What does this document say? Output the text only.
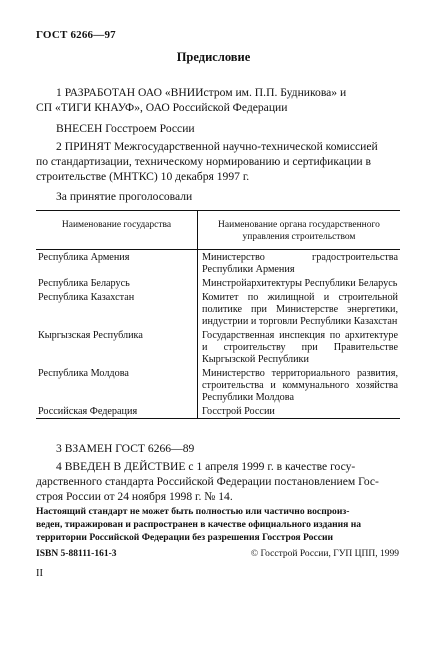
ГОСТ 6266—97
Предисловие
1 РАЗРАБОТАН ОАО «ВНИИстром им. П.П. Будникова» и
СП «ТИГИ КНАУФ», ОАО Российской Федерации
ВНЕСЕН Госстроем России
2 ПРИНЯТ Межгосударственной научно-технической комиссией
по стандартизации, техническому нормированию и сертификации в
строительстве (МНТКС) 10 декабря 1997 г.
За принятие проголосовали
Наименование государства	Наименование органа государственного управления строительством
Республика Армения	Министерство градостроительства Республики Армения
Республика Беларусь	Минстройархитектуры Республики Беларусь
Республика Казахстан	Комитет по жилищной и строительной политике при Министерстве энергетики, индустрии и торговли Республики Казахстан
Кыргызская Республика	Государственная инспекция по архитектуре и строительству при Правительстве Кыргызской Республики
Республика Молдова	Министерство территориального развития, строительства и коммунального хозяйства Республики Молдова
Российская Федерация	Госстрой России
3 ВЗАМЕН ГОСТ 6266—89
4 ВВЕДЕН В ДЕЙСТВИЕ с 1 апреля 1999 г. в качестве госу-
дарственного стандарта Российской Федерации постановлением Гос-
строя России от 24 ноября 1998 г. № 14.
Настоящий стандарт не может быть полностью или частично воспроиз-
веден, тиражирован и распространен в качестве официального издания на
территории Российской Федерации без разрешения Госстроя России
ISBN 5-88111-161-3	© Госстрой России, ГУП ЦПП, 1999
II
